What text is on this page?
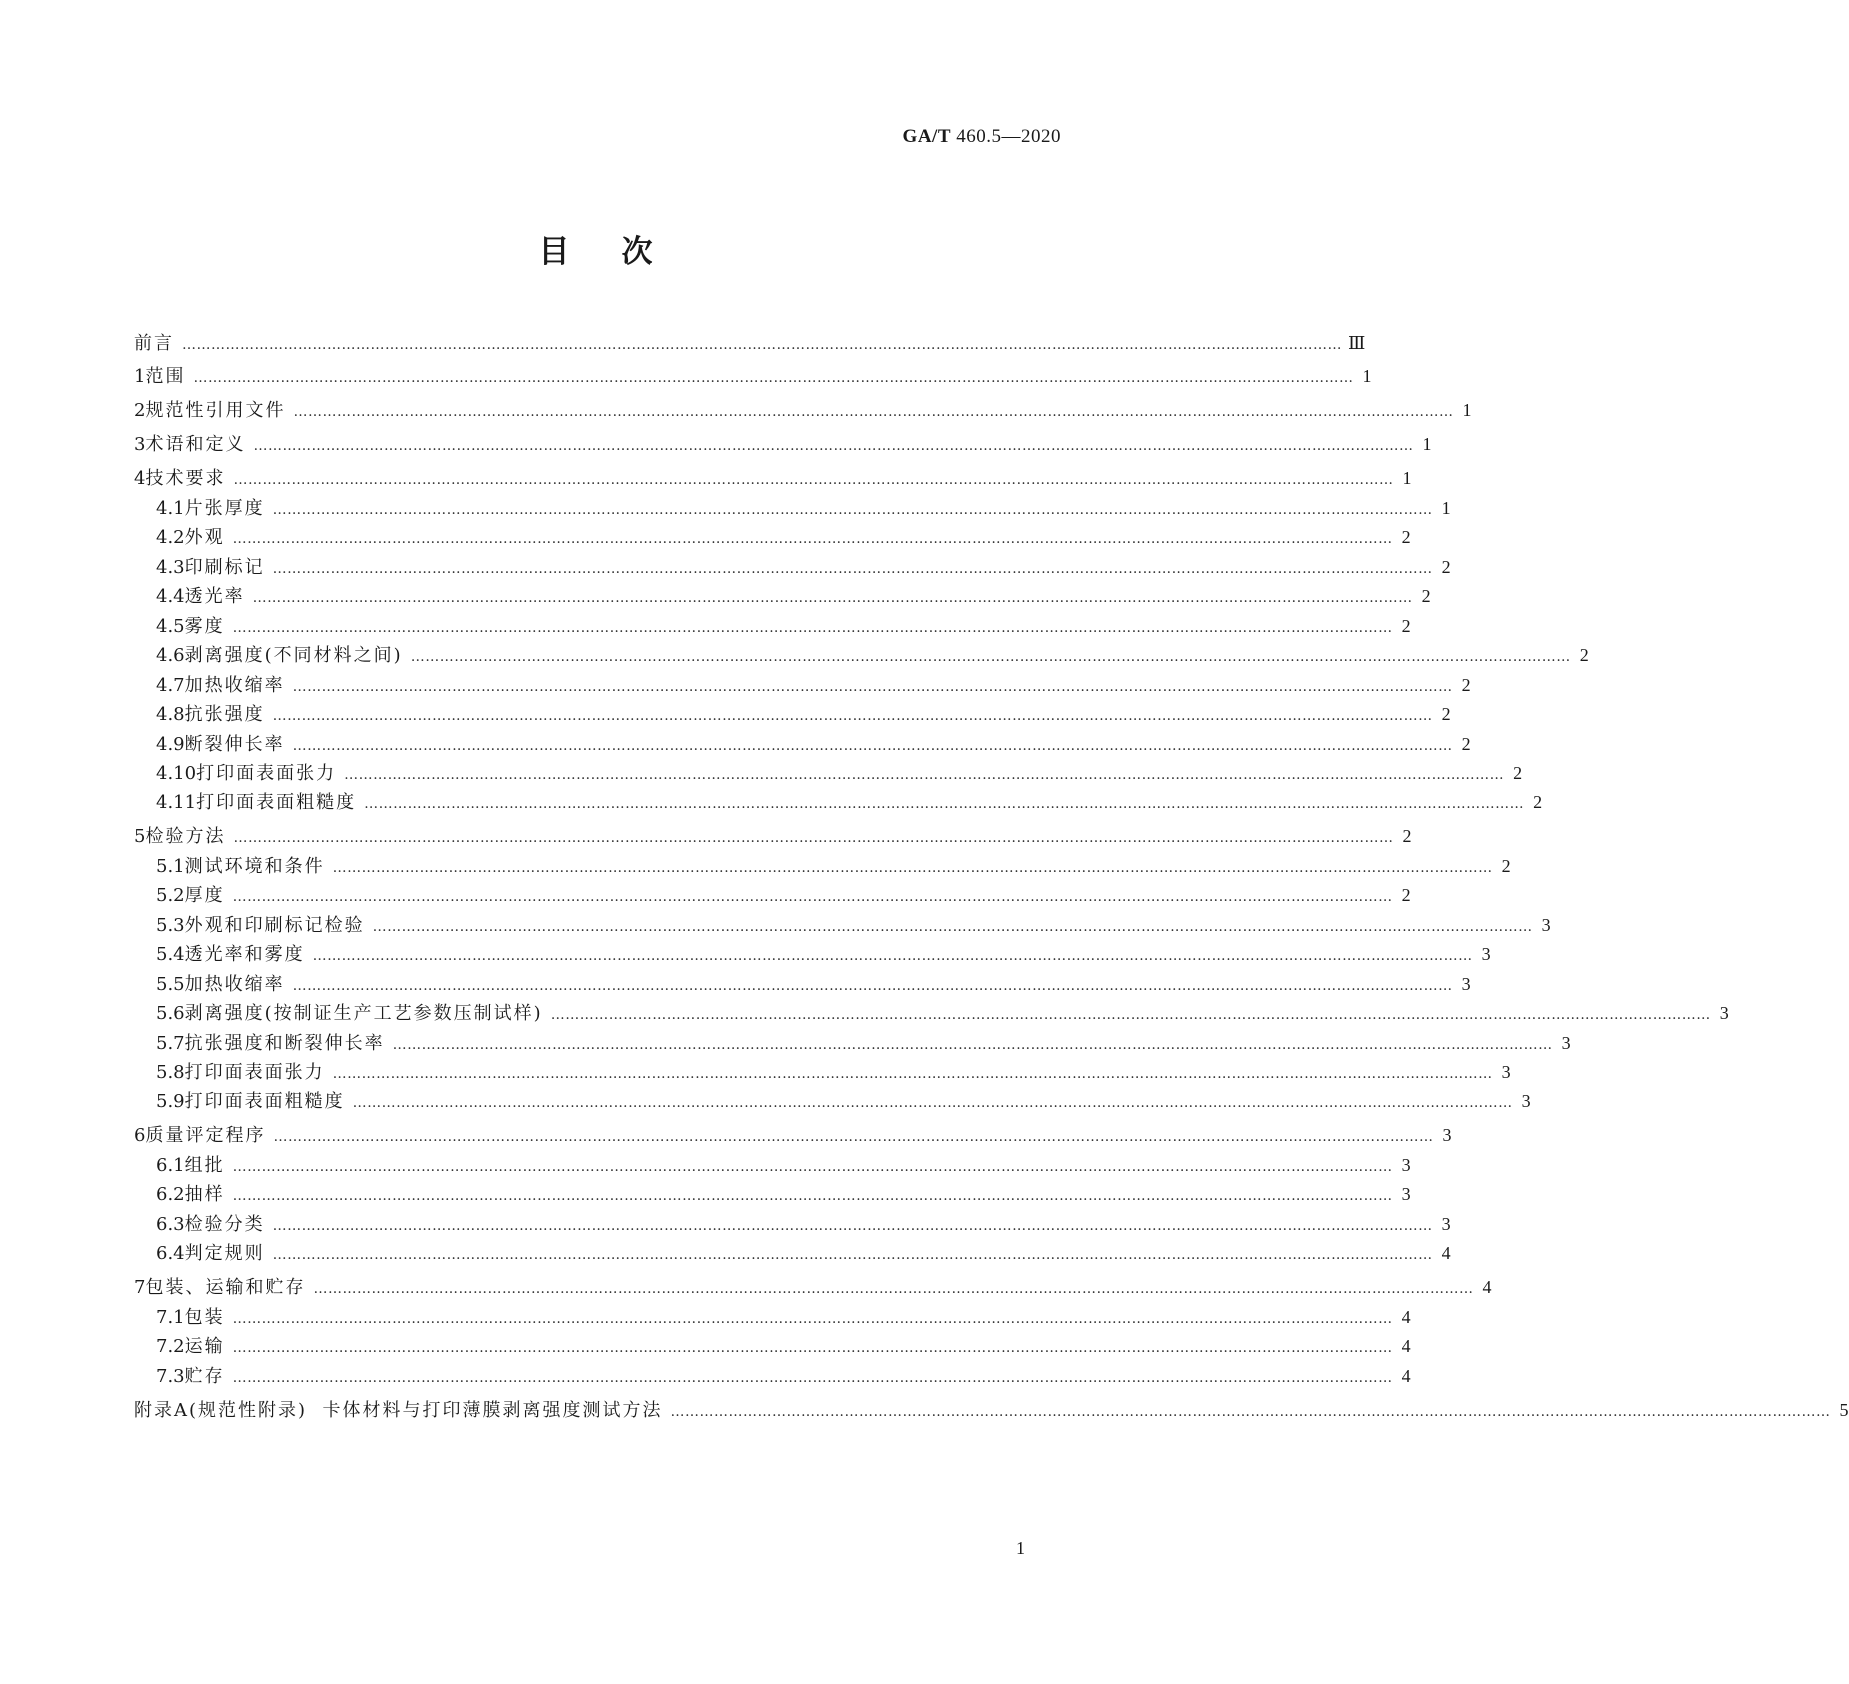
GA/T 460.5—2020
目 次
前言 …………………………………………………………………………………………………………………………………………………………………………………………………………………… Ⅲ
1 范围 …………………………………………………………………………………………………………………………………………………………………………………………………………………… 1
2 规范性引用文件 …………………………………………………………………………………………………………………………………………………………………………………………………………………… 1
3 术语和定义 …………………………………………………………………………………………………………………………………………………………………………………………………………………… 1
4 技术要求 …………………………………………………………………………………………………………………………………………………………………………………………………………………… 1
4.1 片张厚度 …………………………………………………………………………………………………………………………………………………………………………………………………………………… 1
4.2 外观 …………………………………………………………………………………………………………………………………………………………………………………………………………………… 2
4.3 印刷标记 …………………………………………………………………………………………………………………………………………………………………………………………………………………… 2
4.4 透光率 …………………………………………………………………………………………………………………………………………………………………………………………………………………… 2
4.5 雾度 …………………………………………………………………………………………………………………………………………………………………………………………………………………… 2
4.6 剥离强度(不同材料之间) …………………………………………………………………………………………………………………………………………………………………………………………………………………… 2
4.7 加热收缩率 …………………………………………………………………………………………………………………………………………………………………………………………………………………… 2
4.8 抗张强度 …………………………………………………………………………………………………………………………………………………………………………………………………………………… 2
4.9 断裂伸长率 …………………………………………………………………………………………………………………………………………………………………………………………………………………… 2
4.10 打印面表面张力 …………………………………………………………………………………………………………………………………………………………………………………………………………………… 2
4.11 打印面表面粗糙度 …………………………………………………………………………………………………………………………………………………………………………………………………………………… 2
5 检验方法 …………………………………………………………………………………………………………………………………………………………………………………………………………………… 2
5.1 测试环境和条件 …………………………………………………………………………………………………………………………………………………………………………………………………………………… 2
5.2 厚度 …………………………………………………………………………………………………………………………………………………………………………………………………………………… 2
5.3 外观和印刷标记检验 …………………………………………………………………………………………………………………………………………………………………………………………………………………… 3
5.4 透光率和雾度 …………………………………………………………………………………………………………………………………………………………………………………………………………………… 3
5.5 加热收缩率 …………………………………………………………………………………………………………………………………………………………………………………………………………………… 3
5.6 剥离强度(按制证生产工艺参数压制试样) …………………………………………………………………………………………………………………………………………………………………………………………………………………… 3
5.7 抗张强度和断裂伸长率 …………………………………………………………………………………………………………………………………………………………………………………………………………………… 3
5.8 打印面表面张力 …………………………………………………………………………………………………………………………………………………………………………………………………………………… 3
5.9 打印面表面粗糙度 …………………………………………………………………………………………………………………………………………………………………………………………………………………… 3
6 质量评定程序 …………………………………………………………………………………………………………………………………………………………………………………………………………………… 3
6.1 组批 …………………………………………………………………………………………………………………………………………………………………………………………………………………… 3
6.2 抽样 …………………………………………………………………………………………………………………………………………………………………………………………………………………… 3
6.3 检验分类 …………………………………………………………………………………………………………………………………………………………………………………………………………………… 3
6.4 判定规则 …………………………………………………………………………………………………………………………………………………………………………………………………………………… 4
7 包装、运输和贮存 …………………………………………………………………………………………………………………………………………………………………………………………………………………… 4
7.1 包装 …………………………………………………………………………………………………………………………………………………………………………………………………………………… 4
7.2 运输 …………………………………………………………………………………………………………………………………………………………………………………………………………………… 4
7.3 贮存 …………………………………………………………………………………………………………………………………………………………………………………………………………………… 4
附录A(规范性附录)  卡体材料与打印薄膜剥离强度测试方法 …………………………………………………………………………………………………………………………………………………………………………………………………………………… 5
1
